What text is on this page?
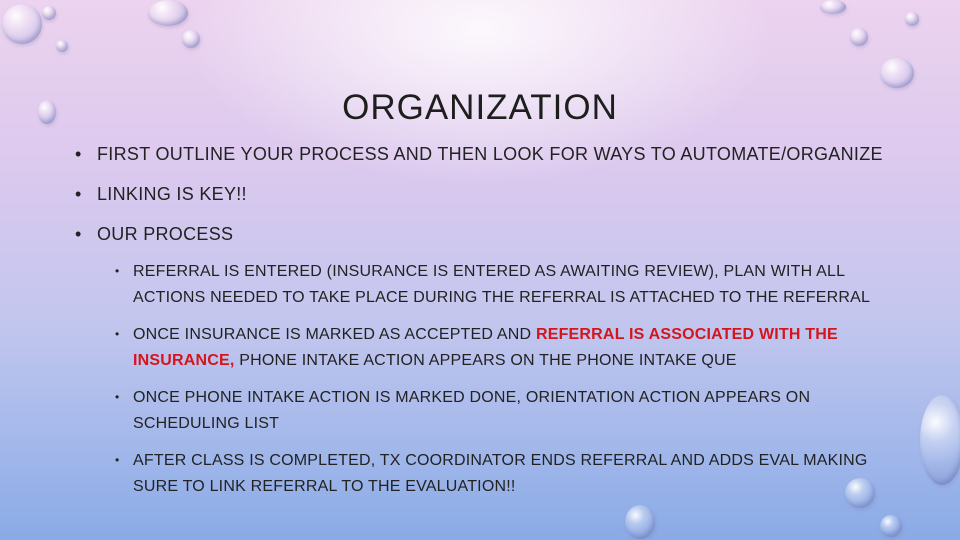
ORGANIZATION
• FIRST OUTLINE YOUR PROCESS AND THEN LOOK FOR WAYS TO AUTOMATE/ORGANIZE
• LINKING IS KEY!!
• OUR PROCESS
• REFERRAL IS ENTERED (INSURANCE IS ENTERED AS AWAITING REVIEW), PLAN WITH ALL ACTIONS NEEDED TO TAKE PLACE DURING THE REFERRAL IS ATTACHED TO THE REFERRAL
• ONCE INSURANCE IS MARKED AS ACCEPTED AND REFERRAL IS ASSOCIATED WITH THE INSURANCE, PHONE INTAKE ACTION APPEARS ON THE PHONE INTAKE QUE
• ONCE PHONE INTAKE ACTION IS MARKED DONE, ORIENTATION ACTION APPEARS ON SCHEDULING LIST
• AFTER CLASS IS COMPLETED, TX COORDINATOR ENDS REFERRAL AND ADDS EVAL MAKING SURE TO LINK REFERRAL TO THE EVALUATION!!
